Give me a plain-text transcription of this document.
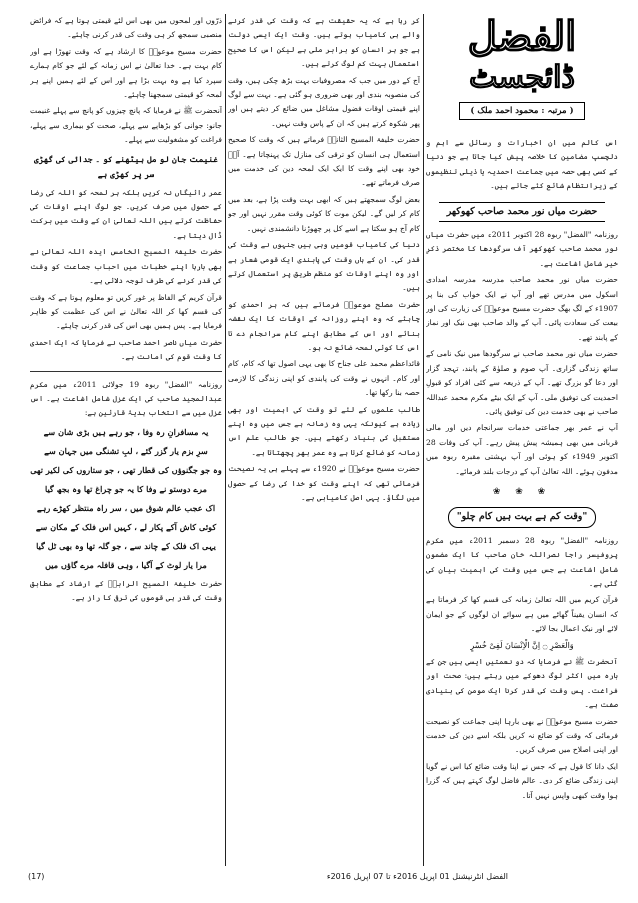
الفضل
ڈائجسٹ
( مرتبہ : محمود احمد ملک )

اس کالم میں ان اخبارات و رسائل سے اہم و دلچسپ مضامین کا خلاصہ پیش کیا جاتا ہے جو دنیا کے کسی بھی حصہ میں جماعت احمدیہ یا ذیلی تنظیموں کے زیرانتظام شائع کئے جاتے ہیں۔

حضرت میاں نور محمد صاحب کھوکھر

روزنامہ "الفضل" ربوہ 28 اکتوبر 2011ء میں حضرت میاں نور محمد صاحب کھوکھر آف سرگودھا کا مختصر ذکرِ خیر شامل اشاعت ہے۔

حضرت میاں نور محمد صاحب مدرسہ مدرسہ امدادی اسکول میں مدرس تھے اور آپ نے ایک خواب کی بنا پر 1907ء کے لگ بھگ حضرت مسیح موعودؑ کی زیارت کی اور بیعت کی سعادت پائی۔ آپ کے والد صاحب بھی نیک اور نماز کے پابند تھے۔

حضرت میاں نور محمد صاحب نے سرگودھا میں نیک نامی کے ساتھ زندگی گزاری۔ آپ صوم و صلوٰۃ کے پابند، تہجد گزار اور دعا گو بزرگ تھے۔ آپ کے ذریعہ سے کئی افراد کو قبولِ احمدیت کی توفیق ملی۔ آپ کے ایک بیٹے مکرم محمد عبداللہ صاحب نے بھی خدمت دین کی توفیق پائی۔

آپ نے عمر بھر جماعتی خدمات سرانجام دیں اور مالی قربانی میں بھی ہمیشہ پیش پیش رہے۔ آپ کی وفات 28 اکتوبر 1949ء کو ہوئی اور آپ بہشتی مقبرہ ربوہ میں مدفون ہوئے۔ اللہ تعالیٰ آپ کے درجات بلند فرمائے۔

❀ ❀ ❀
"وقت کم ہے بہت ہیں کام چلو"

روزنامہ "الفضل" ربوہ 28 دسمبر 2011ء میں مکرم پروفیسر راجا نصراللہ خان صاحب کا ایک مضمون شامل اشاعت ہے جس میں وقت کی اہمیت بیان کی گئی ہے۔

قرآن کریم میں اللہ تعالیٰ زمانہ کی قسم کھا کر فرماتا ہے کہ انسان یقیناً گھاٹے میں ہے سوائے ان لوگوں کے جو ایمان لائے اور نیک اعمال بجا لائے۔

وَالْعَصْرِ ۝ اِنَّ الْاِنْسَانَ لَفِیْ خُسْرٍ

آنحضرت ﷺ نے فرمایا کہ دو نعمتیں ایسی ہیں جن کے بارہ میں اکثر لوگ دھوکے میں رہتے ہیں: صحت اور فراغت۔ پس وقت کی قدر کرنا ایک مومن کی بنیادی صفت ہے۔

حضرت مسیح موعودؑ نے بھی بارہا اپنی جماعت کو نصیحت فرمائی کہ وقت کو ضائع نہ کریں بلکہ اسے دین کی خدمت اور اپنی اصلاح میں صرف کریں۔

ایک دانا کا قول ہے کہ جس نے اپنا وقت ضائع کیا اس نے گویا اپنی زندگی ضائع کر دی۔ عالم فاضل لوگ کہتے ہیں کہ گزرا ہوا وقت کبھی واپس نہیں آتا۔

کر رہا ہے کہ یہ حقیقت ہے کہ وقت کی قدر کرنے والے ہی کامیاب ہوتے ہیں۔ وقت ایک ایسی دولت ہے جو ہر انسان کو برابر ملی ہے لیکن اس کا صحیح استعمال بہت کم لوگ کرتے ہیں۔

آج کے دور میں جب کہ مصروفیات بہت بڑھ چکی ہیں، وقت کی منصوبہ بندی اور بھی ضروری ہو گئی ہے۔ بہت سے لوگ اپنے قیمتی اوقات فضول مشاغل میں ضائع کر دیتے ہیں اور پھر شکوہ کرتے ہیں کہ ان کے پاس وقت نہیں۔

حضرت خلیفۃ المسیح الثانیؓ فرماتے ہیں کہ وقت کا صحیح استعمال ہی انسان کو ترقی کی منازل تک پہنچاتا ہے۔ آپؓ خود بھی اپنے وقت کا ایک ایک لمحہ دین کی خدمت میں صرف فرماتے تھے۔

بعض لوگ سمجھتے ہیں کہ ابھی بہت وقت پڑا ہے، بعد میں کام کر لیں گے۔ لیکن موت کا کوئی وقت مقرر نہیں اور جو کام آج ہو سکتا ہے اسے کل پر چھوڑنا دانشمندی نہیں۔

دنیا کی کامیاب قومیں وہی ہیں جنہوں نے وقت کی قدر کی۔ ان کے ہاں وقت کی پابندی ایک قومی شعار ہے اور وہ اپنے اوقات کو منظم طریق پر استعمال کرتے ہیں۔

حضرت مصلح موعودؓ فرماتے ہیں کہ ہر احمدی کو چاہئے کہ وہ اپنے روزانہ کے اوقات کا ایک نقشہ بنائے اور اس کے مطابق اپنے کام سرانجام دے تا اس کا کوئی لمحہ ضائع نہ ہو۔

قائداعظم محمد علی جناح کا بھی یہی اصول تھا کہ کام، کام اور کام۔ انہوں نے وقت کی پابندی کو اپنی زندگی کا لازمی حصہ بنا رکھا تھا۔

طالب علموں کے لئے تو وقت کی اہمیت اور بھی زیادہ ہے کیونکہ یہی وہ زمانہ ہے جس میں وہ اپنے مستقبل کی بنیاد رکھتے ہیں۔ جو طالب علم اس زمانہ کو ضائع کرتا ہے وہ عمر بھر پچھتاتا ہے۔

حضرت مسیح موعودؑ نے 1920ء سے پہلے ہی یہ نصیحت فرمائی تھی کہ اپنے وقت کو خدا کی رضا کے حصول میں لگاؤ۔ یہی اصل کامیابی ہے۔

ذرّوں اور لمحوں میں بھی اس لئے قیمتی ہوتا ہے کہ فرائض منصبی سمجھ کر ہی وقت کی قدر کرنی چاہئے۔

حضرت مسیح موعودؑ کا ارشاد ہے کہ وقت تھوڑا ہے اور کام بہت ہے۔ خدا تعالیٰ نے اس زمانہ کے لئے جو کام ہمارے سپرد کیا ہے وہ بہت بڑا ہے اور اس کے لئے ہمیں اپنے ہر لمحہ کو قیمتی سمجھنا چاہئے۔

آنحضرت ﷺ نے فرمایا کہ پانچ چیزوں کو پانچ سے پہلے غنیمت جانو: جوانی کو بڑھاپے سے پہلے، صحت کو بیماری سے پہلے، فراغت کو مشغولیت سے پہلے۔

غنیمت جان لو مل بیٹھنے کو ۔ جدائی کی گھڑی سر پر کھڑی ہے

عمر رائیگاں نہ کریں بلکہ ہر لمحہ کو اللہ کی رضا کے حصول میں صرف کریں۔ جو لوگ اپنے اوقات کی حفاظت کرتے ہیں اللہ تعالیٰ ان کے وقت میں برکت ڈال دیتا ہے۔

حضرت خلیفۃ المسیح الخامس ایدہ اللہ تعالیٰ نے بھی بارہا اپنے خطبات میں احباب جماعت کو وقت کی قدر کرنے کی طرف توجہ دلائی ہے۔

قرآن کریم کے الفاظ پر غور کریں تو معلوم ہوتا ہے کہ وقت کی قسم کھا کر اللہ تعالیٰ نے اس کی عظمت کو ظاہر فرمایا ہے۔ پس ہمیں بھی اس کی قدر کرنی چاہئے۔

حضرت میاں ناصر احمد صاحب نے فرمایا کہ ایک احمدی کا وقت قوم کی امانت ہے۔

روزنامہ "الفضل" ربوہ 19 جولائی 2011ء میں مکرم عبدالمجید صاحب کی ایک غزل شامل اشاعت ہے۔ اس غزل میں سے انتخاب ہدیۂ قارئین ہے:

یہ مسافرانِ رہ وفا ، جو رہے ہیں بڑی شان سے
سرِ بزم یار گزر گئے ، لبِ تشنگی میں جہان سے
وہ جو جگنوؤں کی قطار تھی ، جو ستاروں کی لکیر تھی
مرے دوستو نے وفا کا یہ جو چراغ تھا وہ بجھ گیا
اک عجب عالم شوق میں ، سر راہ منتظر کھڑے رہے
کوئی کاش آکے پکار لے ، کہیں اس فلک کے مکان سے
یہی اک فلک کے چاند سے ، جو گلہ تھا وہ بھی ٹل گیا
مرا یار لوٹ کے آگیا ، وہی قافلہ مرے گاؤں میں

حضرت خلیفۃ المسیح الرابعؒ کے ارشاد کے مطابق وقت کی قدر ہی قوموں کی ترقی کا راز ہے۔

الفضل انٹرنیشنل 01 اپریل 2016ء تا 07 اپریل 2016ء
(17)
